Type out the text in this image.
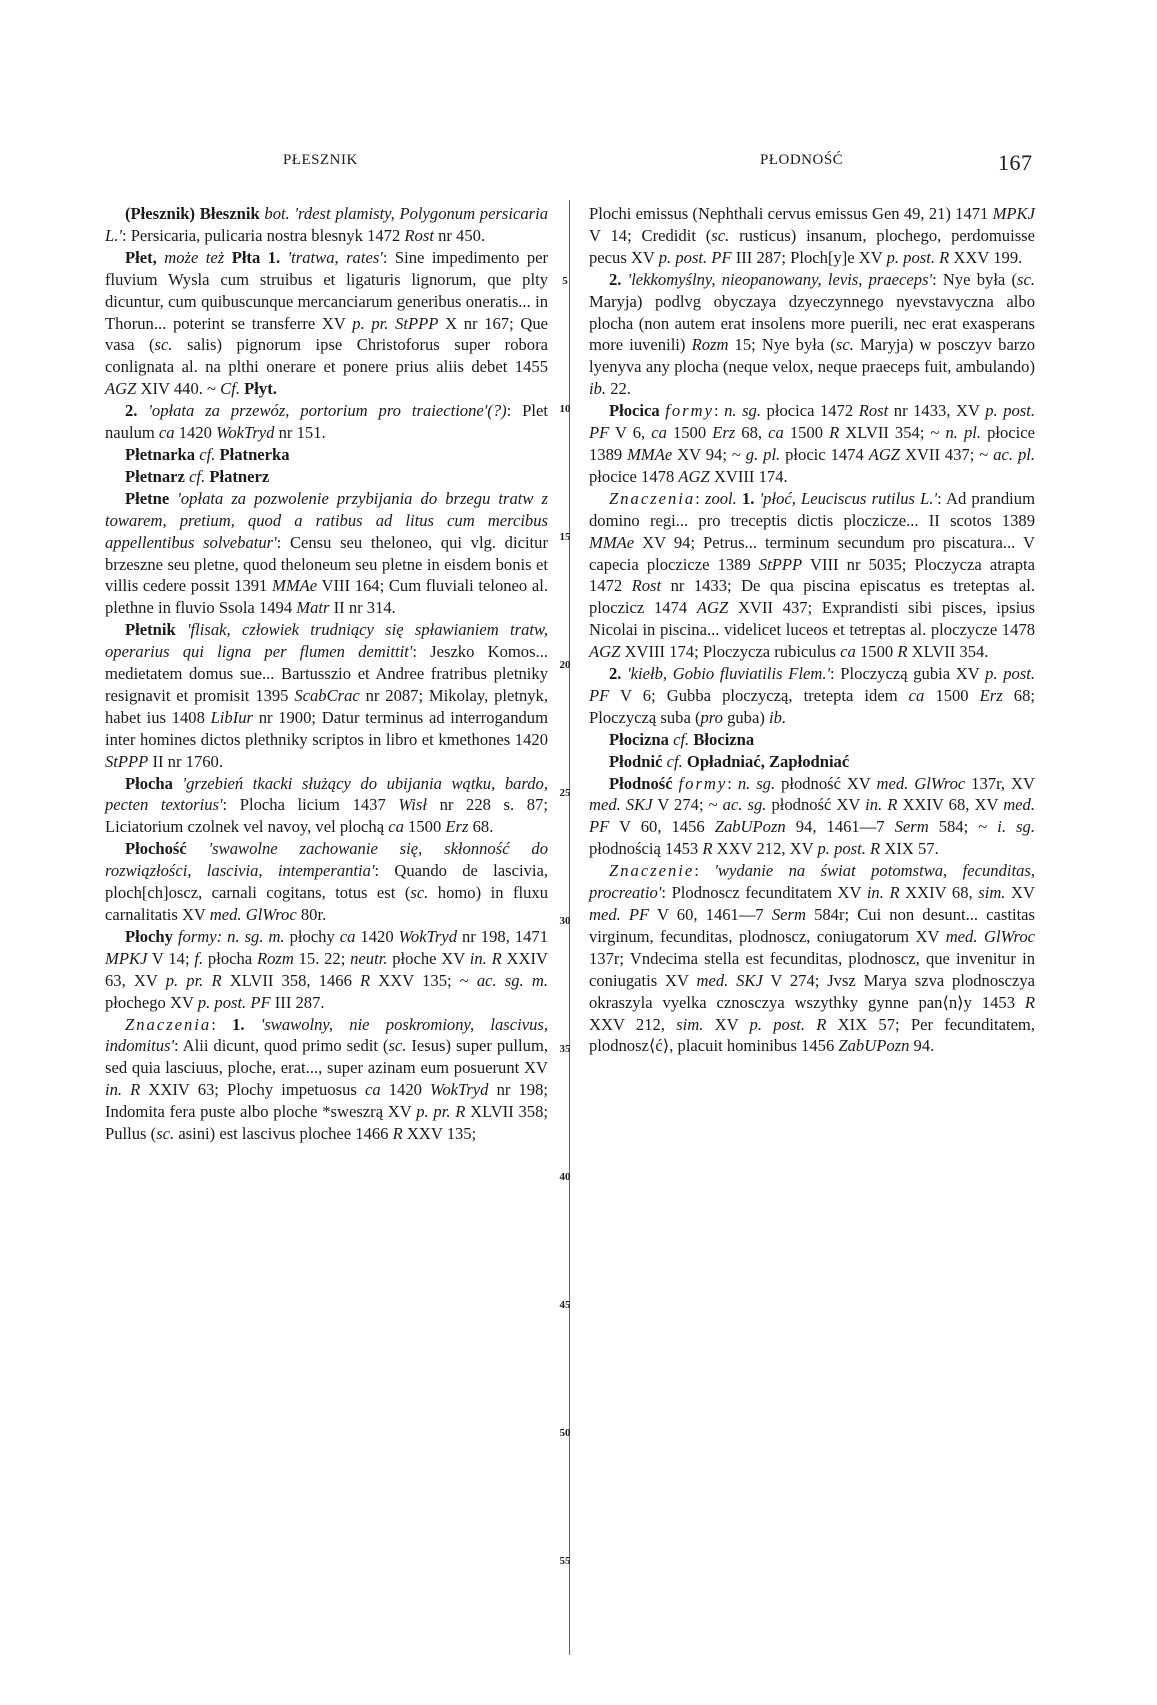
PŁESZNIK	PŁODNOŚĆ	167

(Płesznik) Błesznik bot. 'rdest plamisty, Polygonum persicaria L.': Persicaria, pulicaria nostra blesnyk 1472 Rost nr 450.

Płet, może też Płta 1. 'tratwa, rates': Sine impedimento per fluvium Wysla cum struibus et ligaturis lignorum, que plty dicuntur, cum quibuscunque mercanciarum generibus oneratis... in Thorun... poterint se transferre XV p. pr. StPPP X nr 167; Que vasa (sc. salis) pignorum ipse Christoforus super robora conlignata al. na plthi onerare et ponere prius aliis debet 1455 AGZ XIV 440. ~ Cf. Płyt.

2. 'opłata za przewóz, portorium pro traiectione'(?): Plet naulum ca 1420 WokTryd nr 151.

Płetnarka cf. Płatnerka

Płetnarz cf. Płatnerz

Płetne 'opłata za pozwolenie przybijania do brzegu tratw z towarem, pretium, quod a ratibus ad litus cum mercibus appellentibus solvebatur': Censu seu theloneo, qui vlg. dicitur brzeszne seu pletne, quod theloneum seu pletne in eisdem bonis et villis cedere possit 1391 MMAe VIII 164; Cum fluviali teloneo al. plethne in fluvio Ssola 1494 Matr II nr 314.

Płetnik 'flisak, człowiek trudniący się spławianiem tratw, operarius qui ligna per flumen demittit': Jeszko Komos... medietatem domus sue... Bartusszio et Andree fratribus pletniky resignavit et promisit 1395 ScabCrac nr 2087; Mikolay, pletnyk, habet ius 1408 LibIur nr 1900; Datur terminus ad interrogandum inter homines dictos plethniky scriptos in libro et kmethones 1420 StPPP II nr 1760.

Płocha 'grzebień tkacki służący do ubijania wątku, bardo, pecten textorius': Plocha licium 1437 Wisł nr 228 s. 87; Liciatorium czolnek vel navoy, vel plochą ca 1500 Erz 68.

Płochość 'swawolne zachowanie się, skłonność do rozwiązłości, lascivia, intemperantia': Quando de lascivia, ploch[ch]oscz, carnali cogitans, totus est (sc. homo) in fluxu carnalitatis XV med. GlWroc 80r.

Płochy formy: n. sg. m. płochy ca 1420 WokTryd nr 198, 1471 MPKJ V 14; f. płocha Rozm 15. 22; neutr. płoche XV in. R XXIV 63, XV p. pr. R XLVII 358, 1466 R XXV 135; ~ ac. sg. m. płochego XV p. post. PF III 287.

Znaczenia: 1. 'swawolny, nie poskromiony, lascivus, indomitus': Alii dicunt, quod primo sedit (sc. Iesus) super pullum, sed quia lasciuus, ploche, erat..., super azinam eum posuerunt XV in. R XXIV 63; Plochy impetuosus ca 1420 WokTryd nr 198; Indomita fera puste albo ploche *sweszrą XV p. pr. R XLVII 358; Pullus (sc. asini) est lascivus plochee 1466 R XXV 135;

5
10
15
20
25
30
35
40
45
50
55

Plochi emissus (Nephthali cervus emissus Gen 49, 21) 1471 MPKJ V 14; Credidit (sc. rusticus) insanum, plochego, perdomuisse pecus XV p. post. PF III 287; Ploch[y]e XV p. post. R XXV 199.

2. 'lekkomyślny, nieopanowany, levis, praeceps': Nye była (sc. Maryja) podlvg obyczaya dzyeczynnego nyevstavyczna albo plocha (non autem erat insolens more puerili, nec erat exasperans more iuvenili) Rozm 15; Nye była (sc. Maryja) w posczyv barzo lyenyva any plocha (neque velox, neque praeceps fuit, ambulando) ib. 22.

Płocica formy: n. sg. płocica 1472 Rost nr 1433, XV p. post. PF V 6, ca 1500 Erz 68, ca 1500 R XLVII 354; ~ n. pl. płocice 1389 MMAe XV 94; ~ g. pl. płocic 1474 AGZ XVII 437; ~ ac. pl. płocice 1478 AGZ XVIII 174.

Znaczenia: zool. 1. 'płoć, Leuciscus rutilus L.': Ad prandium domino regi... pro treceptis dictis ploczicze... II scotos 1389 MMAe XV 94; Petrus... terminum secundum pro piscatura... V capecia ploczicze 1389 StPPP VIII nr 5035; Ploczycza atrapta 1472 Rost nr 1433; De qua piscina episcatus es treteptas al. ploczicz 1474 AGZ XVII 437; Exprandisti sibi pisces, ipsius Nicolai in piscina... videlicet luceos et tetreptas al. ploczycze 1478 AGZ XVIII 174; Ploczycza rubiculus ca 1500 R XLVII 354.

2. 'kiełb, Gobio fluviatilis Flem.': Ploczyczą gubia XV p. post. PF V 6; Gubba ploczyczą, tretepta idem ca 1500 Erz 68; Ploczyczą suba (pro guba) ib.

Płocizna cf. Błocizna

Płodnić cf. Opładniać, Zapłodniać

Płodność formy: n. sg. płodność XV med. GlWroc 137r, XV med. SKJ V 274; ~ ac. sg. płodność XV in. R XXIV 68, XV med. PF V 60, 1456 ZabUPozn 94, 1461—7 Serm 584; ~ i. sg. płodnością 1453 R XXV 212, XV p. post. R XIX 57.

Znaczenie: 'wydanie na świat potomstwa, fecunditas, procreatio': Plodnoscz fecunditatem XV in. R XXIV 68, sim. XV med. PF V 60, 1461—7 Serm 584r; Cui non desunt... castitas virginum, fecunditas, plodnoscz, coniugatorum XV med. GlWroc 137r; Vndecima stella est fecunditas, plodnoscz, que invenitur in coniugatis XV med. SKJ V 274; Jvsz Marya szva plodnosczya okraszyla vyelka cznosczya wszythky gynne pan⟨n⟩y 1453 R XXV 212, sim. XV p. post. R XIX 57; Per fecunditatem, plodnosz⟨ć⟩, placuit hominibus 1456 ZabUPozn 94.
